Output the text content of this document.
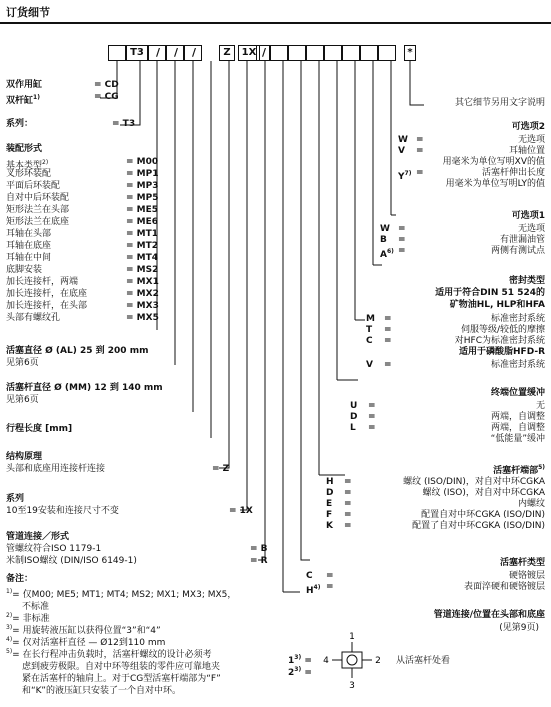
订货细节
T3	/ / /	Z	1X /	*
双作用缸	= CD
双杆缸$^{1)}$	= CG
系列：	= T3
装配形式
基本类型$^{2)}$	= M00
叉形环装配	= MP1
平面后环装配	= MP3
自对中后环装配	= MP5
矩形法兰在头部	= ME5
矩形法兰在底座	= ME6
耳轴在头部	= MT1
耳轴在底座	= MT2
耳轴在中间	= MT4
底脚安装	= MS2
加长连接杆，两端	= MX1
加长连接杆，在底座	= MX2
加长连接杆，在头部	= MX3
头部有螺纹孔	= MX5
活塞直径 Ø (AL) 25 到 200 mm
见第6页
活塞杆直径 Ø (MM) 12 到 140 mm
见第6页
行程长度 [mm]
结构原理
头部和底座用连接杆连接	= Z
系列
10至19安装和连接尺寸不变	= 1X
管道连接／形式
管螺纹符合ISO 1179-1	= B
米制ISO螺纹 (DIN/ISO 6149-1)	= R
备注：
$^{1)}$= 仅M00; ME5; MT1; MT4; MS2; MX1; MX3; MX5，
不标准
$^{2)}$= 非标准
$^{3)}$= 用旋转液压缸以获得位置“3”和“4”
$^{4)}$= 仅对活塞杆直径 — Ø12到110 mm
$^{5)}$= 在长行程冲击负载时，活塞杆螺纹的设计必须考
虑到疲劳极限。自对中环等组装的零件应可靠地夹
紧在活塞杆的轴肩上。对于CG型活塞杆端部为“F”
和“K”的液压缸只安装了一个自对中环。
其它细节另用文字说明
可选项2
W =	无选项
V =	耳轴位置
用毫米为单位写明XV的值
$Y^{7)}$ =	活塞杆伸出长度
用毫米为单位写明LY的值
可选项1
W =	无选项
B =	有泄漏油管
$A^{6)}$ =	两侧有测试点
密封类型
适用于符合DIN 51 524的
矿物油HL, HLP和HFA
M =	标准密封系统
T =	伺服等级/较低的摩擦
C =	对HFC为标准密封系统
适用于磷酸脂HFD-R
V =	标准密封系统
终端位置缓冲
U =	无
D =	两端，自调整
L =	两端，自调整
“低能量”缓冲
活塞杆端部$^{5)}$
H =	螺纹 (ISO/DIN)，对自对中环CGKA
D =	螺纹 (ISO)，对自对中环CGKA
E =	内螺纹
F =	配置自对中环CGKA (ISO/DIN)
K =	配置了自对中环CGKA (ISO/DIN)
活塞杆类型
C =	硬铬镀层
$H^{4)}$ =	表面淬硬和硬铬镀层
管道连接/位置在头部和底座
(见第9页)
$1^{3)}$ =
$2^{3)}$ =
1
4	2
3
从活塞杆处看
